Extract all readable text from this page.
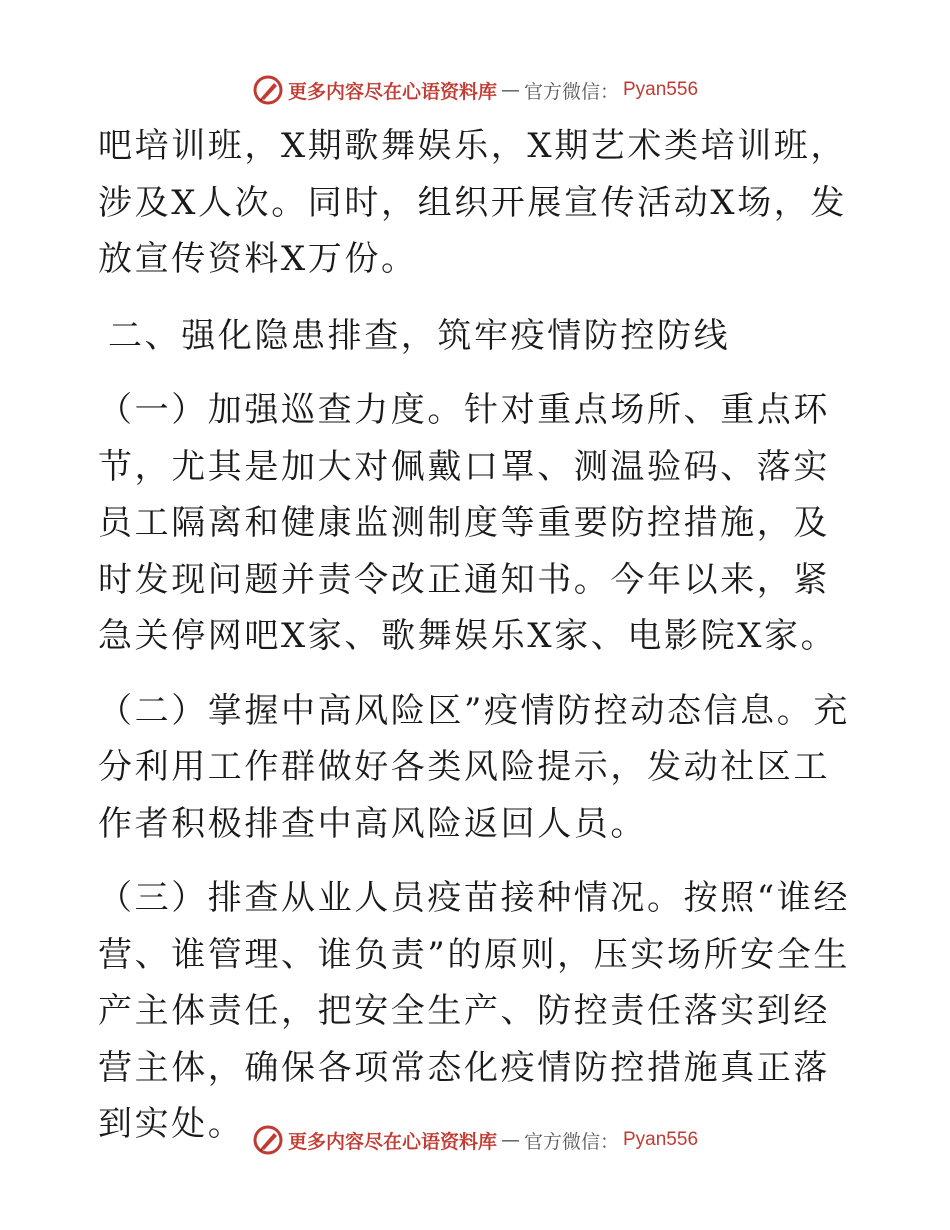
更多内容尽在心语资料库 — 官方微信： Pyan556

吧培训班，X期歌舞娱乐，X期艺术类培训班，涉及X人次。同时，组织开展宣传活动X场，发放宣传资料X万份。

二、强化隐患排查，筑牢疫情防控防线

（一）加强巡查力度。针对重点场所、重点环节，尤其是加大对佩戴口罩、测温验码、落实员工隔离和健康监测制度等重要防控措施，及时发现问题并责令改正通知书。今年以来，紧急关停网吧X家、歌舞娱乐X家、电影院X家。

（二）掌握中高风险区”疫情防控动态信息。充分利用工作群做好各类风险提示，发动社区工作者积极排查中高风险返回人员。

（三）排查从业人员疫苗接种情况。按照“谁经营、谁管理、谁负责”的原则，压实场所安全生产主体责任，把安全生产、防控责任落实到经营主体，确保各项常态化疫情防控措施真正落到实处。	更多内容尽在心语资料库 — 官方微信： Pyan556
